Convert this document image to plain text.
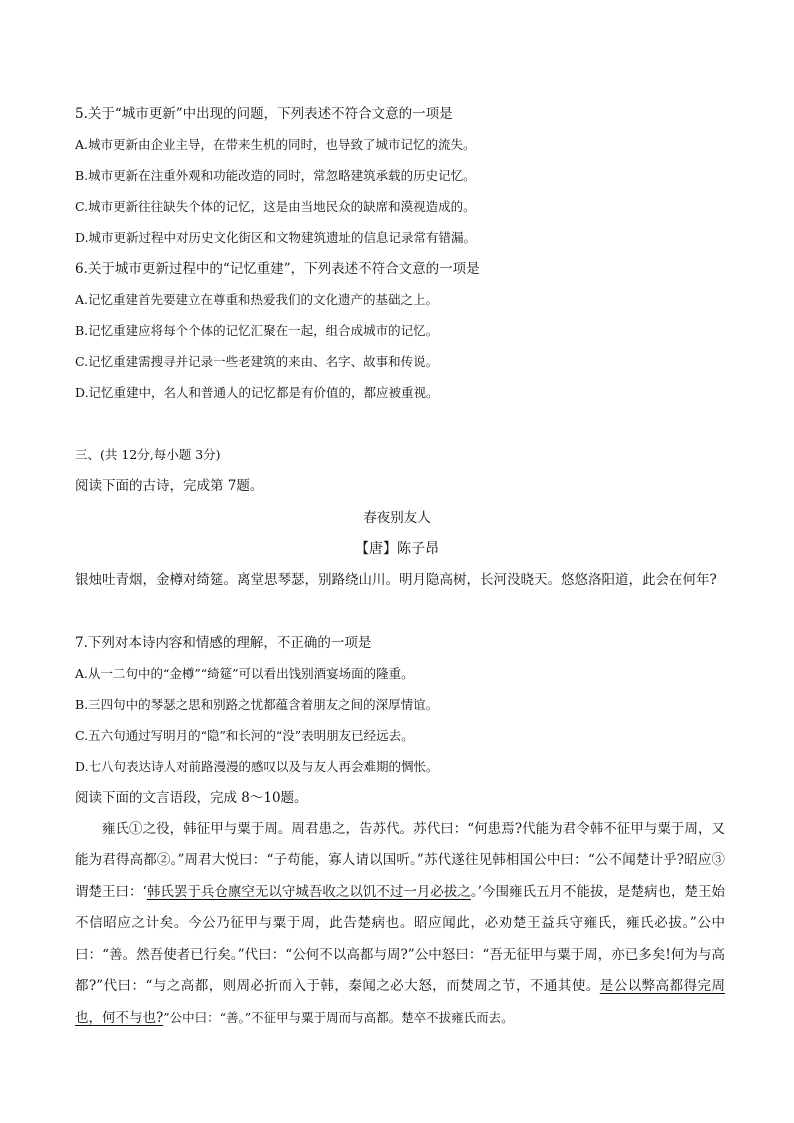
5.关于“城市更新”中出现的问题，下列表述不符合文意的一项是
A.城市更新由企业主导，在带来生机的同时，也导致了城市记忆的流失。
B.城市更新在注重外观和功能改造的同时，常忽略建筑承载的历史记忆。
C.城市更新往往缺失个体的记忆，这是由当地民众的缺席和漠视造成的。
D.城市更新过程中对历史文化街区和文物建筑遗址的信息记录常有错漏。
6.关于城市更新过程中的“记忆重建”，下列表述不符合文意的一项是
A.记忆重建首先要建立在尊重和热爱我们的文化遗产的基础之上。
B.记忆重建应将每个个体的记忆汇聚在一起，组合成城市的记忆。
C.记忆重建需搜寻并记录一些老建筑的来由、名字、故事和传说。
D.记忆重建中，名人和普通人的记忆都是有价值的，都应被重视。
三、(共 12分,每小题 3分)
阅读下面的古诗，完成第 7题。
春夜别友人
【唐】陈子昂
银烛吐青烟，金樽对绮筵。离堂思琴瑟，别路绕山川。明月隐高树，长河没晓天。悠悠洛阳道，此会在何年?
7.下列对本诗内容和情感的理解，不正确的一项是
A.从一二句中的“金樽”“绮筵”可以看出饯别酒宴场面的隆重。
B.三四句中的琴瑟之思和别路之忧都蕴含着朋友之间的深厚情谊。
C.五六句通过写明月的“隐”和长河的“没”表明朋友已经远去。
D.七八句表达诗人对前路漫漫的感叹以及与友人再会难期的惆怅。
阅读下面的文言语段，完成 8～10题。
雍氏①之役，韩征甲与粟于周。周君患之，告苏代。苏代曰：“何患焉?代能为君令韩不征甲与粟于周，又能为君得高都②。”周君大悦曰：“子苟能，寡人请以国听。”苏代遂往见韩相国公中曰：“公不闻楚计乎?昭应③谓楚王曰：‘韩氏罢于兵仓廪空无以守城吾收之以饥不过一月必拔之。’今围雍氏五月不能拔，是楚病也，楚王始不信昭应之计矣。今公乃征甲与粟于周，此告楚病也。昭应闻此，必劝楚王益兵守雍氏，雍氏必拔。”公中曰：“善。然吾使者已行矣。”代曰：“公何不以高都与周?”公中怒曰：“吾无征甲与粟于周，亦已多矣!何为与高都?”代曰：“与之高都，则周必折而入于韩，秦闻之必大怒，而焚周之节，不通其使。是公以弊高都得完周也，何不与也?”公中曰：“善。”不征甲与粟于周而与高都。楚卒不拔雍氏而去。
